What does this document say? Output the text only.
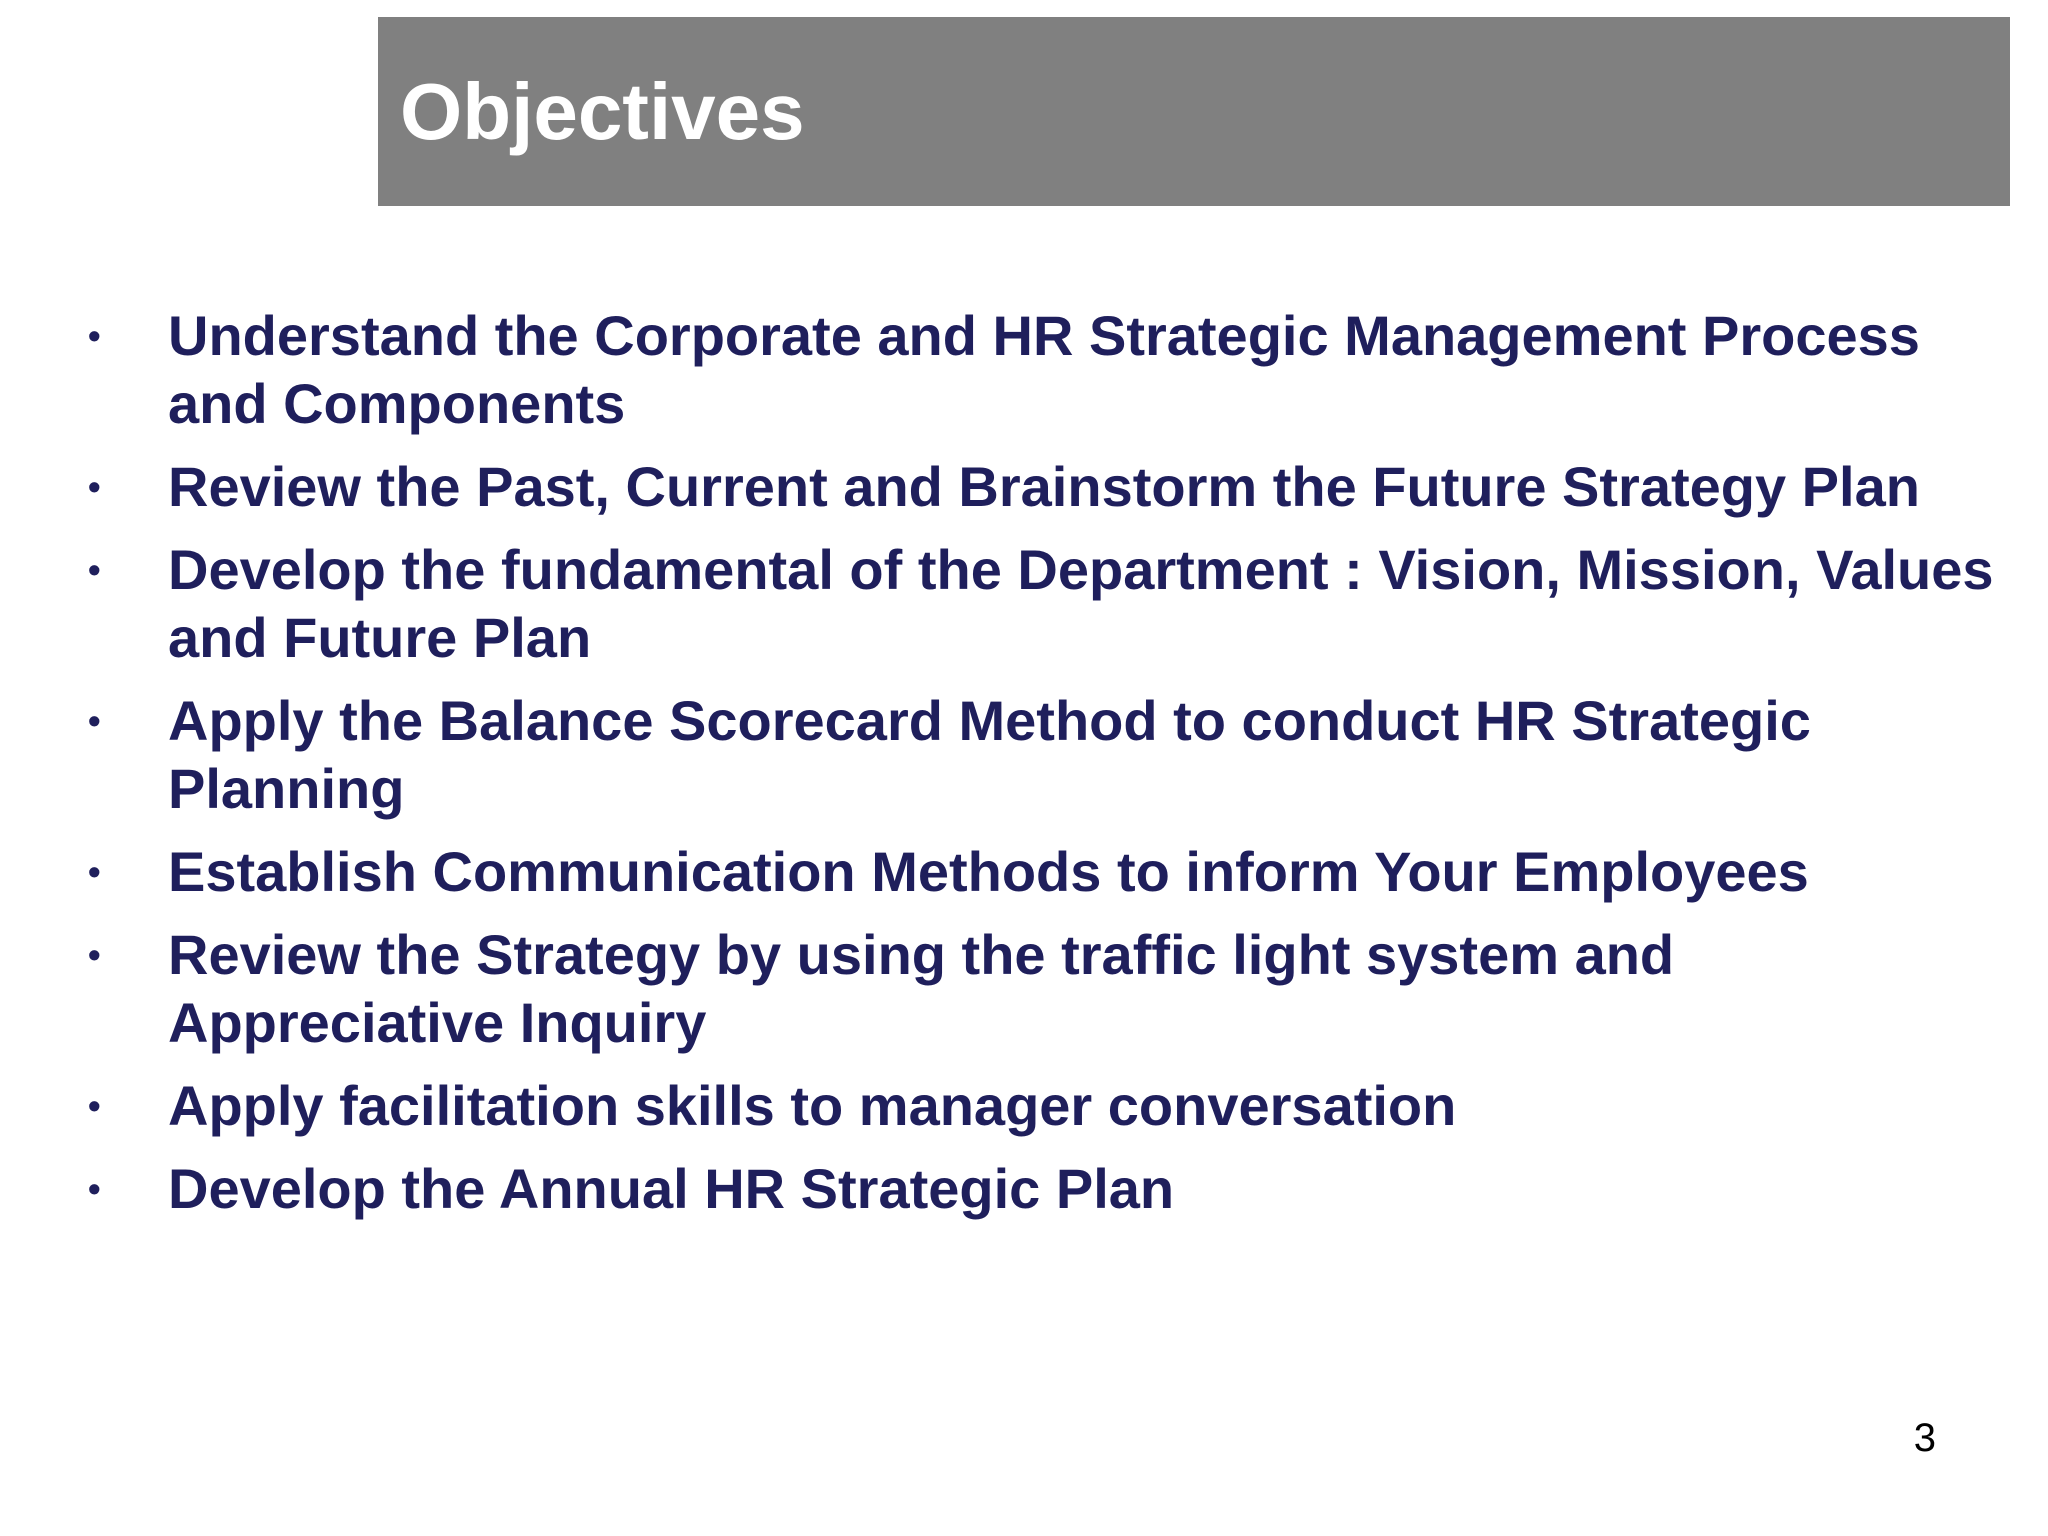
Objectives
•	Understand the Corporate and HR Strategic Management Process and Components
•	Review the Past, Current and Brainstorm the Future Strategy Plan
•	Develop the fundamental of the Department : Vision, Mission, Values and Future Plan
•	Apply the Balance Scorecard Method to conduct HR Strategic Planning
•	Establish Communication Methods to inform Your Employees
•	Review the Strategy by using the traffic light system and Appreciative Inquiry
•	Apply facilitation skills to manager conversation
•	Develop the Annual HR Strategic Plan
3
